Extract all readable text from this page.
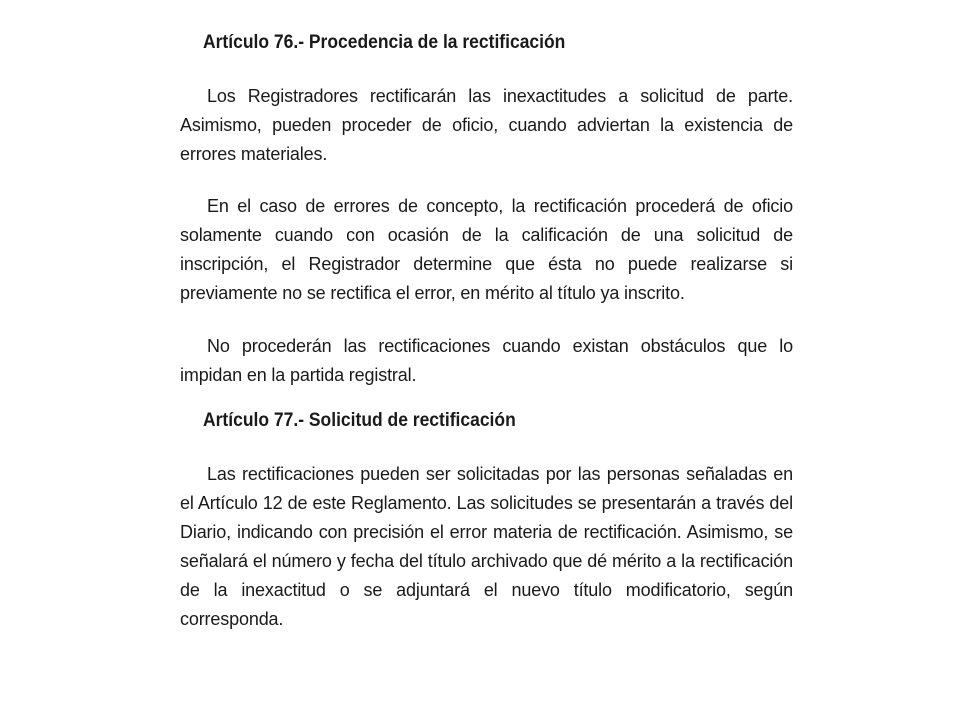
Artículo 76.- Procedencia de la rectificación

Los Registradores rectificarán las inexactitudes a solicitud de parte. Asimismo, pueden proceder de oficio, cuando adviertan la existencia de errores materiales.

En el caso de errores de concepto, la rectificación procederá de oficio solamente cuando con ocasión de la calificación de una solicitud de inscripción, el Registrador determine que ésta no puede realizarse si previamente no se rectifica el error, en mérito al título ya inscrito.

No procederán las rectificaciones cuando existan obstáculos que lo impidan en la partida registral.

Artículo 77.- Solicitud de rectificación

Las rectificaciones pueden ser solicitadas por las personas señaladas en el Artículo 12 de este Reglamento. Las solicitudes se presentarán a través del Diario, indicando con precisión el error materia de rectificación. Asimismo, se señalará el número y fecha del título archivado que dé mérito a la rectificación de la inexactitud o se adjuntará el nuevo título modificatorio, según corresponda.
